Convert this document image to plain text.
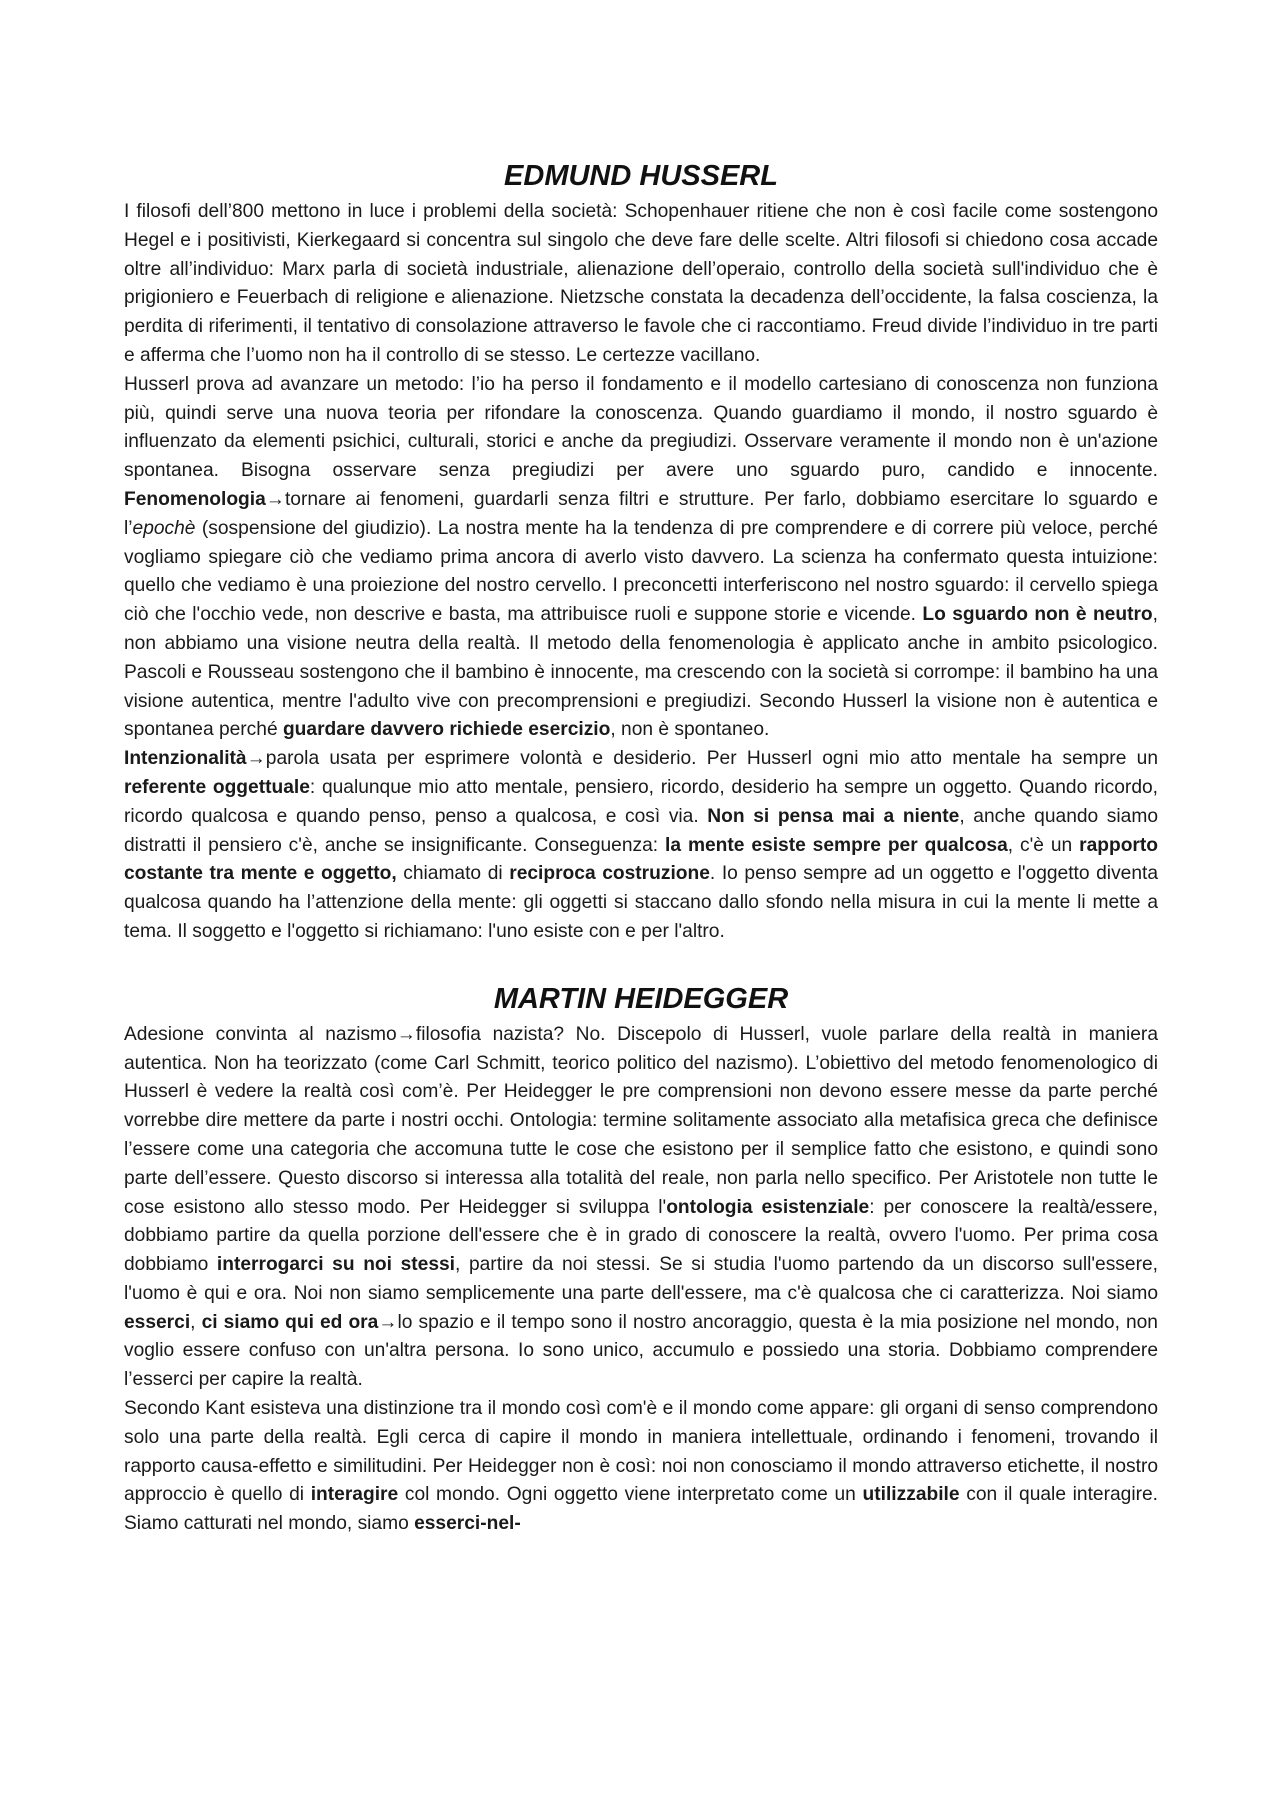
EDMUND HUSSERL

I filosofi dell’800 mettono in luce i problemi della società: Schopenhauer ritiene che non è così facile come sostengono Hegel e i positivisti, Kierkegaard si concentra sul singolo che deve fare delle scelte. Altri filosofi si chiedono cosa accade oltre all’individuo: Marx parla di società industriale, alienazione dell’operaio, controllo della società sull'individuo che è prigioniero e Feuerbach di religione e alienazione. Nietzsche constata la decadenza dell’occidente, la falsa coscienza, la perdita di riferimenti, il tentativo di consolazione attraverso le favole che ci raccontiamo. Freud divide l’individuo in tre parti e afferma che l’uomo non ha il controllo di se stesso. Le certezze vacillano.

Husserl prova ad avanzare un metodo: l’io ha perso il fondamento e il modello cartesiano di conoscenza non funziona più, quindi serve una nuova teoria per rifondare la conoscenza. Quando guardiamo il mondo, il nostro sguardo è influenzato da elementi psichici, culturali, storici e anche da pregiudizi. Osservare veramente il mondo non è un'azione spontanea. Bisogna osservare senza pregiudizi per avere uno sguardo puro, candido e innocente. Fenomenologia→tornare ai fenomeni, guardarli senza filtri e strutture. Per farlo, dobbiamo esercitare lo sguardo e l’epochè (sospensione del giudizio). La nostra mente ha la tendenza di pre comprendere e di correre più veloce, perché vogliamo spiegare ciò che vediamo prima ancora di averlo visto davvero. La scienza ha confermato questa intuizione: quello che vediamo è una proiezione del nostro cervello. I preconcetti interferiscono nel nostro sguardo: il cervello spiega ciò che l'occhio vede, non descrive e basta, ma attribuisce ruoli e suppone storie e vicende. Lo sguardo non è neutro, non abbiamo una visione neutra della realtà. Il metodo della fenomenologia è applicato anche in ambito psicologico. Pascoli e Rousseau sostengono che il bambino è innocente, ma crescendo con la società si corrompe: il bambino ha una visione autentica, mentre l'adulto vive con precomprensioni e pregiudizi. Secondo Husserl la visione non è autentica e spontanea perché guardare davvero richiede esercizio, non è spontaneo.

Intenzionalità→parola usata per esprimere volontà e desiderio. Per Husserl ogni mio atto mentale ha sempre un referente oggettuale: qualunque mio atto mentale, pensiero, ricordo, desiderio ha sempre un oggetto. Quando ricordo, ricordo qualcosa e quando penso, penso a qualcosa, e così via. Non si pensa mai a niente, anche quando siamo distratti il pensiero c'è, anche se insignificante. Conseguenza: la mente esiste sempre per qualcosa, c'è un rapporto costante tra mente e oggetto, chiamato di reciproca costruzione. Io penso sempre ad un oggetto e l'oggetto diventa qualcosa quando ha l’attenzione della mente: gli oggetti si staccano dallo sfondo nella misura in cui la mente li mette a tema. Il soggetto e l'oggetto si richiamano: l'uno esiste con e per l'altro.

MARTIN HEIDEGGER

Adesione convinta al nazismo→filosofia nazista? No. Discepolo di Husserl, vuole parlare della realtà in maniera autentica. Non ha teorizzato (come Carl Schmitt, teorico politico del nazismo). L’obiettivo del metodo fenomenologico di Husserl è vedere la realtà così com’è. Per Heidegger le pre comprensioni non devono essere messe da parte perché vorrebbe dire mettere da parte i nostri occhi. Ontologia: termine solitamente associato alla metafisica greca che definisce l’essere come una categoria che accomuna tutte le cose che esistono per il semplice fatto che esistono, e quindi sono parte dell’essere. Questo discorso si interessa alla totalità del reale, non parla nello specifico. Per Aristotele non tutte le cose esistono allo stesso modo. Per Heidegger si sviluppa l'ontologia esistenziale: per conoscere la realtà/essere, dobbiamo partire da quella porzione dell'essere che è in grado di conoscere la realtà, ovvero l'uomo. Per prima cosa dobbiamo interrogarci su noi stessi, partire da noi stessi. Se si studia l'uomo partendo da un discorso sull'essere, l'uomo è qui e ora. Noi non siamo semplicemente una parte dell'essere, ma c'è qualcosa che ci caratterizza. Noi siamo esserci, ci siamo qui ed ora→lo spazio e il tempo sono il nostro ancoraggio, questa è la mia posizione nel mondo, non voglio essere confuso con un'altra persona. Io sono unico, accumulo e possiedo una storia. Dobbiamo comprendere l’esserci per capire la realtà.

Secondo Kant esisteva una distinzione tra il mondo così com'è e il mondo come appare: gli organi di senso comprendono solo una parte della realtà. Egli cerca di capire il mondo in maniera intellettuale, ordinando i fenomeni, trovando il rapporto causa-effetto e similitudini. Per Heidegger non è così: noi non conosciamo il mondo attraverso etichette, il nostro approccio è quello di interagire col mondo. Ogni oggetto viene interpretato come un utilizzabile con il quale interagire. Siamo catturati nel mondo, siamo esserci-nel-
